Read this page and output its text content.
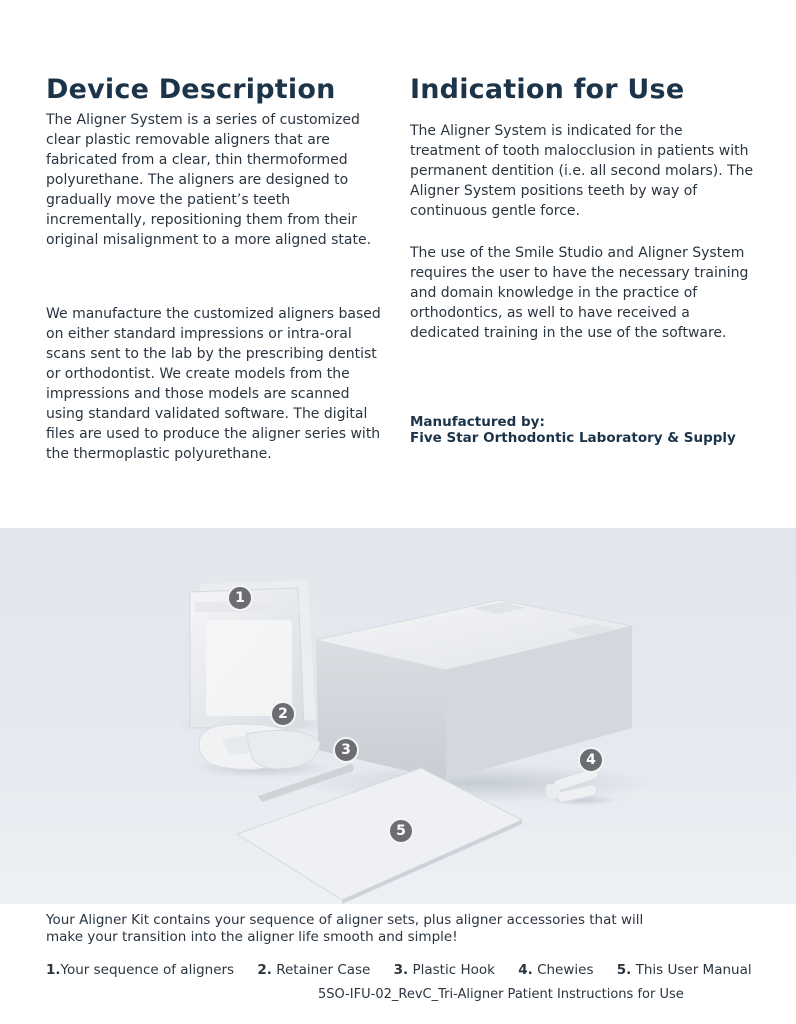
Device Description

The Aligner System is a series of customized clear plastic removable aligners that are fabricated from a clear, thin thermoformed polyurethane. The aligners are designed to gradually move the patient’s teeth incrementally, repositioning them from their original misalignment to a more aligned state.

We manufacture the customized aligners based on either standard impressions or intra-oral scans sent to the lab by the prescribing dentist or orthodontist. We create models from the impressions and those models are scanned using standard validated software. The digital files are used to produce the aligner series with the thermoplastic polyurethane.

Indication for Use

The Aligner System is indicated for the treatment of tooth malocclusion in patients with permanent dentition (i.e. all second molars). The Aligner System positions teeth by way of continuous gentle force.

The use of the Smile Studio and Aligner System requires the user to have the necessary training and domain knowledge in the practice of orthodontics, as well to have received a dedicated training in the use of the software.

Manufactured by:

Five Star Orthodontic Laboratory & Supply

1
2
3
4
5

Your Aligner Kit contains your sequence of aligner sets, plus aligner accessories that will make your transition into the aligner life smooth and simple!

1.Your sequence of aligners 2. Retainer Case 3. Plastic Hook 4. Chewies 5. This User Manual
5SO-IFU-02_RevC_Tri-Aligner Patient Instructions for Use
